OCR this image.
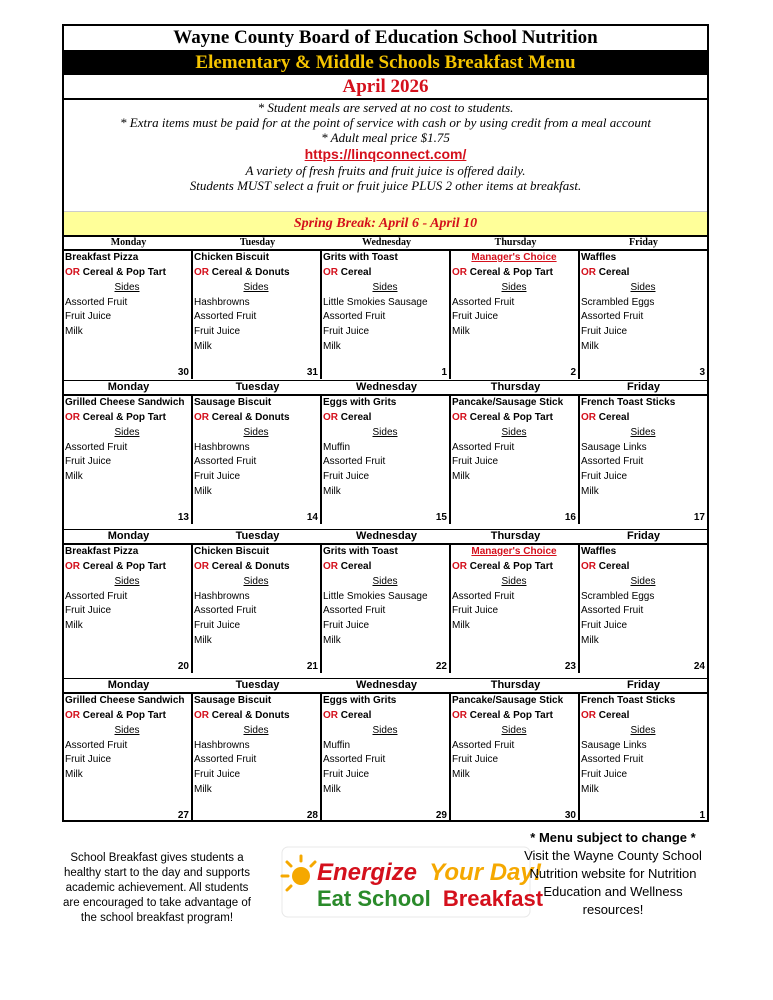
Wayne County Board of Education School Nutrition
Elementary & Middle Schools Breakfast Menu
April 2026
* Student meals are served at no cost to students.
* Extra items must be paid for at the point of service with cash or by using credit from a meal account
* Adult meal price $1.75
https://linqconnect.com/
A variety of fresh fruits and fruit juice is offered daily.
Students MUST select a fruit or fruit juice PLUS 2 other items at breakfast.
Spring Break: April 6 - April 10
Monday
Breakfast Pizza
OR Cereal & Pop Tart
Sides
Assorted Fruit
Fruit Juice
Milk
30
Tuesday
Chicken Biscuit
OR Cereal & Donuts
Sides
Hashbrowns
Assorted Fruit
Fruit Juice
Milk
31
Wednesday
Grits with Toast
OR Cereal
Sides
Little Smokies Sausage
Assorted Fruit
Fruit Juice
Milk
1
Thursday
Manager's Choice
OR Cereal & Pop Tart
Sides
Assorted Fruit
Fruit Juice
Milk
2
Friday
Waffles
OR Cereal
Sides
Scrambled Eggs
Assorted Fruit
Fruit Juice
Milk
3
Monday
Grilled Cheese Sandwich
OR Cereal & Pop Tart
Sides
Assorted Fruit
Fruit Juice
Milk
13
Tuesday
Sausage Biscuit
OR Cereal & Donuts
Sides
Hashbrowns
Assorted Fruit
Fruit Juice
Milk
14
Wednesday
Eggs with Grits
OR Cereal
Sides
Muffin
Assorted Fruit
Fruit Juice
Milk
15
Thursday
Pancake/Sausage Stick
OR Cereal & Pop Tart
Sides
Assorted Fruit
Fruit Juice
Milk
16
Friday
French Toast Sticks
OR Cereal
Sides
Sausage Links
Assorted Fruit
Fruit Juice
Milk
17
Monday
Breakfast Pizza
OR Cereal & Pop Tart
Sides
Assorted Fruit
Fruit Juice
Milk
20
Tuesday
Chicken Biscuit
OR Cereal & Donuts
Sides
Hashbrowns
Assorted Fruit
Fruit Juice
Milk
21
Wednesday
Grits with Toast
OR Cereal
Sides
Little Smokies Sausage
Assorted Fruit
Fruit Juice
Milk
22
Thursday
Manager's Choice
OR Cereal & Pop Tart
Sides
Assorted Fruit
Fruit Juice
Milk
23
Friday
Waffles
OR Cereal
Sides
Scrambled Eggs
Assorted Fruit
Fruit Juice
Milk
24
Monday
Grilled Cheese Sandwich
OR Cereal & Pop Tart
Sides
Assorted Fruit
Fruit Juice
Milk
27
Tuesday
Sausage Biscuit
OR Cereal & Donuts
Sides
Hashbrowns
Assorted Fruit
Fruit Juice
Milk
28
Wednesday
Eggs with Grits
OR Cereal
Sides
Muffin
Assorted Fruit
Fruit Juice
Milk
29
Thursday
Pancake/Sausage Stick
OR Cereal & Pop Tart
Sides
Assorted Fruit
Fruit Juice
Milk
30
Friday
French Toast Sticks
OR Cereal
Sides
Sausage Links
Assorted Fruit
Fruit Juice
Milk
1
School Breakfast gives students a healthy start to the day and supports academic achievement. All students are encouraged to take advantage of the school breakfast program!
Energize Your Day!
Eat School Breakfast
* Menu subject to change *
Visit the Wayne County School Nutrition website for Nutrition Education and Wellness resources!
